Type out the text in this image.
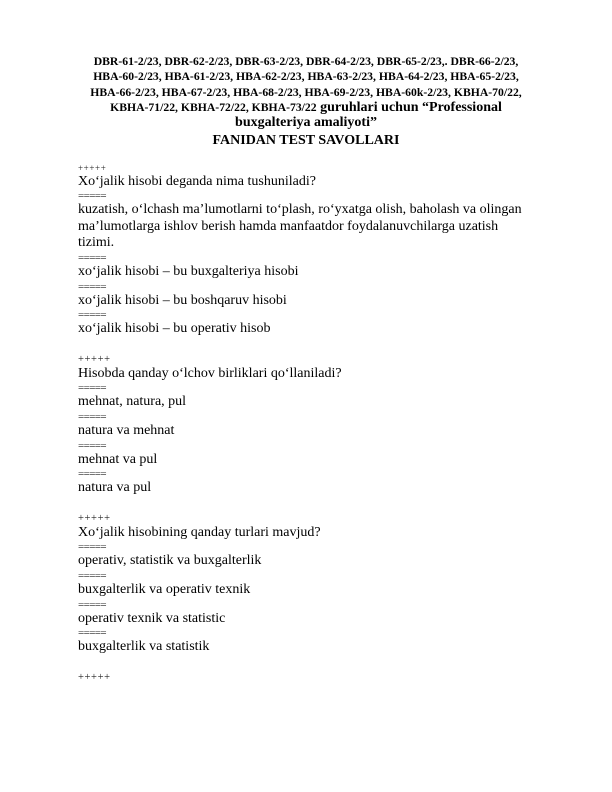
DBR-61-2/23, DBR-62-2/23, DBR-63-2/23, DBR-64-2/23, DBR-65-2/23,. DBR-66-2/23,
HBA-60-2/23, HBA-61-2/23, HBA-62-2/23, HBA-63-2/23, HBA-64-2/23, HBA-65-2/23,
HBA-66-2/23, HBA-67-2/23, HBA-68-2/23, HBA-69-2/23, HBA-60k-2/23, KBHA-70/22,
KBHA-71/22, KBHA-72/22, KBHA-73/22 guruhlari uchun “Professional
buxgalteriya amaliyoti”
FANIDAN TEST SAVOLLARI
+++++
Xo‘jalik hisobi deganda nima tushuniladi?
=====
kuzatish, o‘lchash ma’lumotlarni to‘plash, ro‘yxatga olish, baholash va olingan ma’lumotlarga ishlov berish hamda manfaatdor foydalanuvchilarga uzatish tizimi.
=====
xo‘jalik hisobi – bu buxgalteriya hisobi
=====
xo‘jalik hisobi – bu boshqaruv hisobi
=====
xo‘jalik hisobi – bu operativ hisob
+++++
Hisobda qanday o‘lchov birliklari qo‘llaniladi?
=====
mehnat, natura, pul
=====
natura va mehnat
=====
mehnat va pul
=====
natura va pul
+++++
Xo‘jalik hisobining qanday turlari mavjud?
=====
operativ, statistik va buxgalterlik
=====
buxgalterlik va operativ texnik
=====
operativ texnik va statistic
=====
buxgalterlik va statistik
+++++
